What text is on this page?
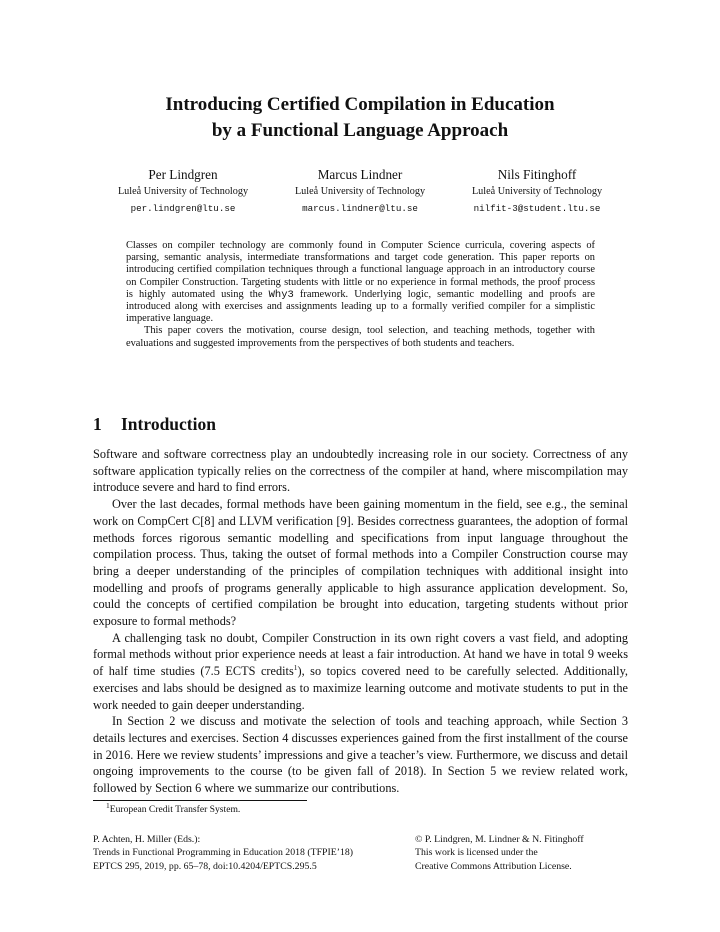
Introducing Certified Compilation in Education
by a Functional Language Approach
Per Lindgren
Luleå University of Technology
per.lindgren@ltu.se
Marcus Lindner
Luleå University of Technology
marcus.lindner@ltu.se
Nils Fitinghoff
Luleå University of Technology
nilfit-3@student.ltu.se

Classes on compiler technology are commonly found in Computer Science curricula, covering aspects of parsing, semantic analysis, intermediate transformations and target code generation. This paper reports on introducing certified compilation techniques through a functional language approach in an introductory course on Compiler Construction. Targeting students with little or no experience in formal methods, the proof process is highly automated using the Why3 framework. Underlying logic, semantic modelling and proofs are introduced along with exercises and assignments leading up to a formally verified compiler for a simplistic imperative language.

This paper covers the motivation, course design, tool selection, and teaching methods, together with evaluations and suggested improvements from the perspectives of both students and teachers.

1 Introduction

Software and software correctness play an undoubtedly increasing role in our society. Correctness of any software application typically relies on the correctness of the compiler at hand, where miscompilation may introduce severe and hard to find errors.

Over the last decades, formal methods have been gaining momentum in the field, see e.g., the seminal work on CompCert C[8] and LLVM verification [9]. Besides correctness guarantees, the adoption of formal methods forces rigorous semantic modelling and specifications from input language throughout the compilation process. Thus, taking the outset of formal methods into a Compiler Construction course may bring a deeper understanding of the principles of compilation techniques with additional insight into modelling and proofs of programs generally applicable to high assurance application development. So, could the concepts of certified compilation be brought into education, targeting students without prior exposure to formal methods?

A challenging task no doubt, Compiler Construction in its own right covers a vast field, and adopting formal methods without prior experience needs at least a fair introduction. At hand we have in total 9 weeks of half time studies (7.5 ECTS credits$^1$), so topics covered need to be carefully selected. Additionally, exercises and labs should be designed as to maximize learning outcome and motivate students to put in the work needed to gain deeper understanding.

In Section 2 we discuss and motivate the selection of tools and teaching approach, while Section 3 details lectures and exercises. Section 4 discusses experiences gained from the first installment of the course in 2016. Here we review students’ impressions and give a teacher’s view. Furthermore, we discuss and detail ongoing improvements to the course (to be given fall of 2018). In Section 5 we review related work, followed by Section 6 where we summarize our contributions.

$^1$European Credit Transfer System.
P. Achten, H. Miller (Eds.):
Trends in Functional Programming in Education 2018 (TFPIE’18)
EPTCS 295, 2019, pp. 65–78, doi:10.4204/EPTCS.295.5
© P. Lindgren, M. Lindner & N. Fitinghoff
This work is licensed under the
Creative Commons Attribution License.
